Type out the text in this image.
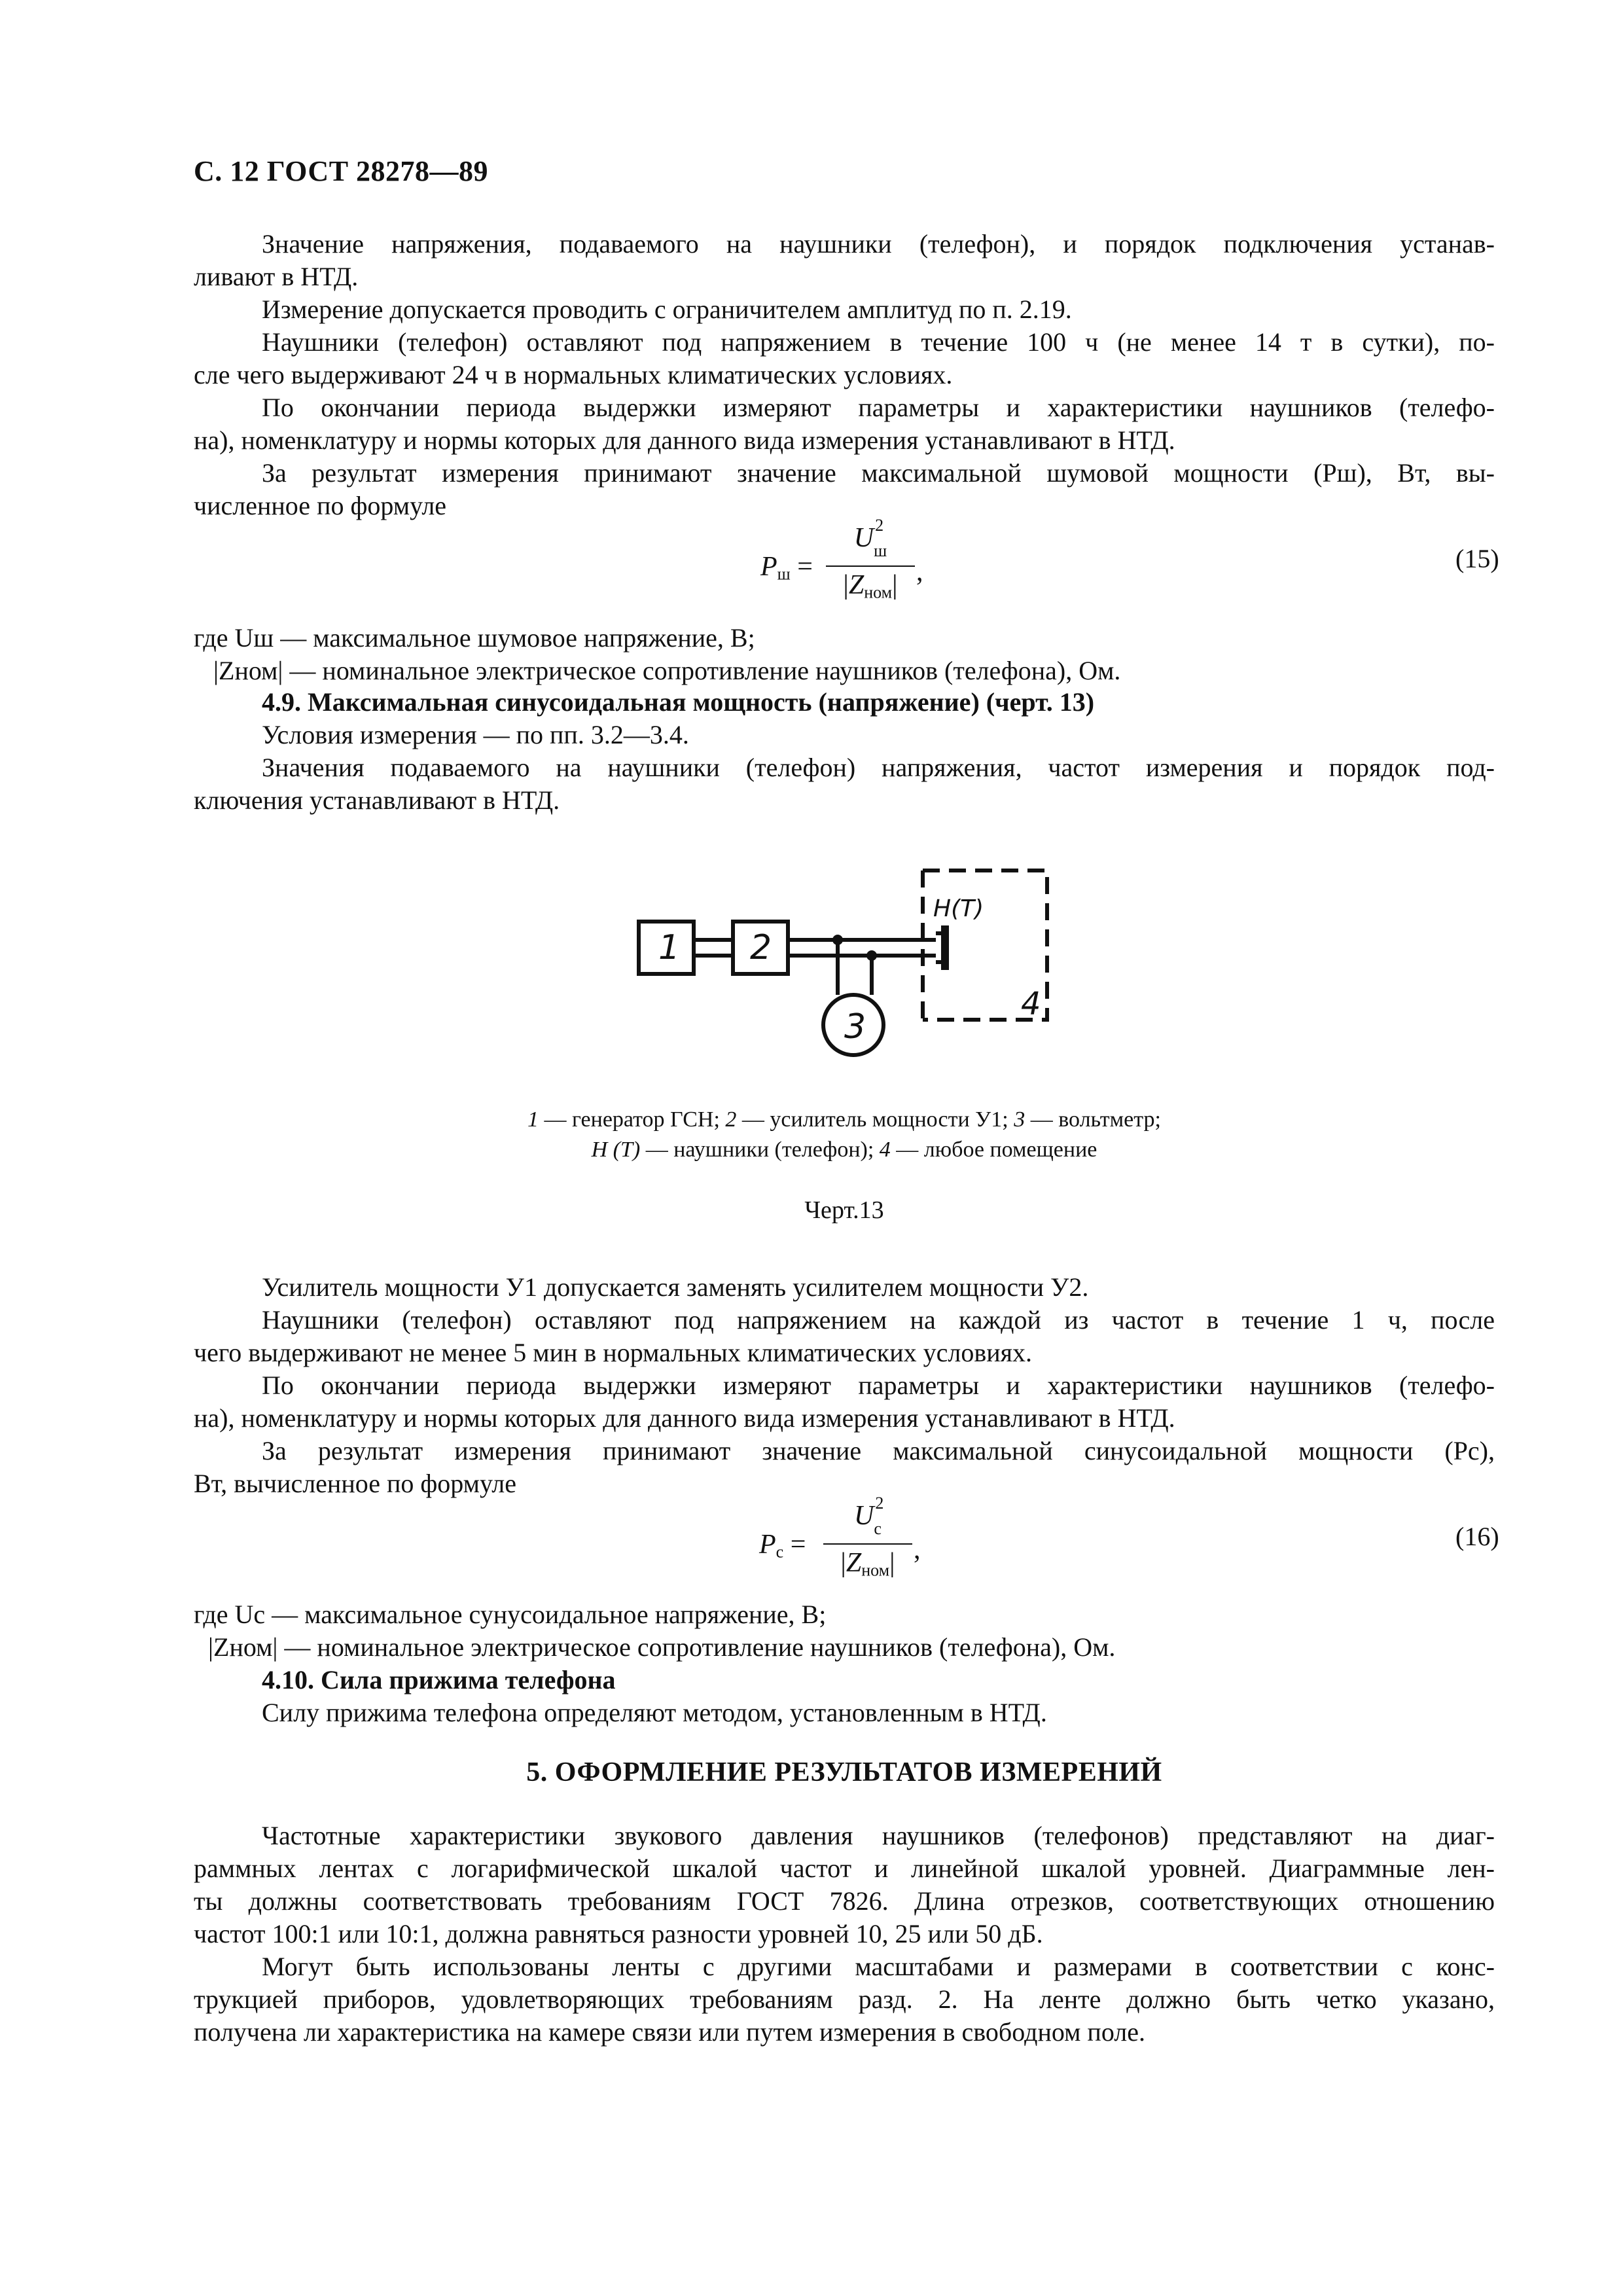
С. 12 ГОСТ 28278—89
Значение напряжения, подаваемого на наушники (телефон), и порядок подключения устанав-
ливают в НТД.
Измерение допускается проводить с ограничителем амплитуд по п. 2.19.
Наушники (телефон) оставляют под напряжением в течение 100 ч (не менее 14 т в сутки), по-
сле чего выдерживают 24 ч в нормальных климатических условиях.
По окончании периода выдержки измеряют параметры и характеристики наушников (телефо-
на), номенклатуру и нормы которых для данного вида измерения устанавливают в НТД.
За результат измерения принимают значение максимальной шумовой мощности (Pш), Вт, вы-
численное по формуле
$P_ш$ =
U 2
$_ш$
$|Z_{ном}|$ ,	(15)
где Uш — максимальное шумовое напряжение, В;
|Zном| — номинальное электрическое сопротивление наушников (телефона), Ом.
4.9. Максимальная синусоидальная мощность (напряжение) (черт. 13)
Условия измерения — по пп. 3.2—3.4.
Значения подаваемого на наушники (телефон) напряжения, частот измерения и порядок под-
ключения устанавливают в НТД.
1 2
3
4
Н(Т)
1 — генератор ГСН; 2 — усилитель мощности У1; 3 — вольтметр;
Н (Т) — наушники (телефон); 4 — любое помещение
Черт.13
Усилитель мощности У1 допускается заменять усилителем мощности У2.
Наушники (телефон) оставляют под напряжением на каждой из частот в течение 1 ч, после
чего выдерживают не менее 5 мин в нормальных климатических условиях.
По окончании периода выдержки измеряют параметры и характеристики наушников (телефо-
на), номенклатуру и нормы которых для данного вида измерения устанавливают в НТД.
За результат измерения принимают значение максимальной синусоидальной мощности (Pс),
Вт, вычисленное по формуле
$P_с$ =
U 2
$_с$
$|Z_{ном}|$ ,	(16)
где Uс — максимальное сунусоидальное напряжение, В;
|Zном| — номинальное электрическое сопротивление наушников (телефона), Ом.
4.10. Сила прижима телефона
Силу прижима телефона определяют методом, установленным в НТД.
5. ОФОРМЛЕНИЕ РЕЗУЛЬТАТОВ ИЗМЕРЕНИЙ
Частотные характеристики звукового давления наушников (телефонов) представляют на диаг-
раммных лентах с логарифмической шкалой частот и линейной шкалой уровней. Диаграммные лен-
ты должны соответствовать требованиям ГОСТ 7826. Длина отрезков, соответствующих отношению
частот 100:1 или 10:1, должна равняться разности уровней 10, 25 или 50 дБ.
Могут быть использованы ленты с другими масштабами и размерами в соответствии с конс-
трукцией приборов, удовлетворяющих требованиям разд. 2. На ленте должно быть четко указано,
получена ли характеристика на камере связи или путем измерения в свободном поле.
